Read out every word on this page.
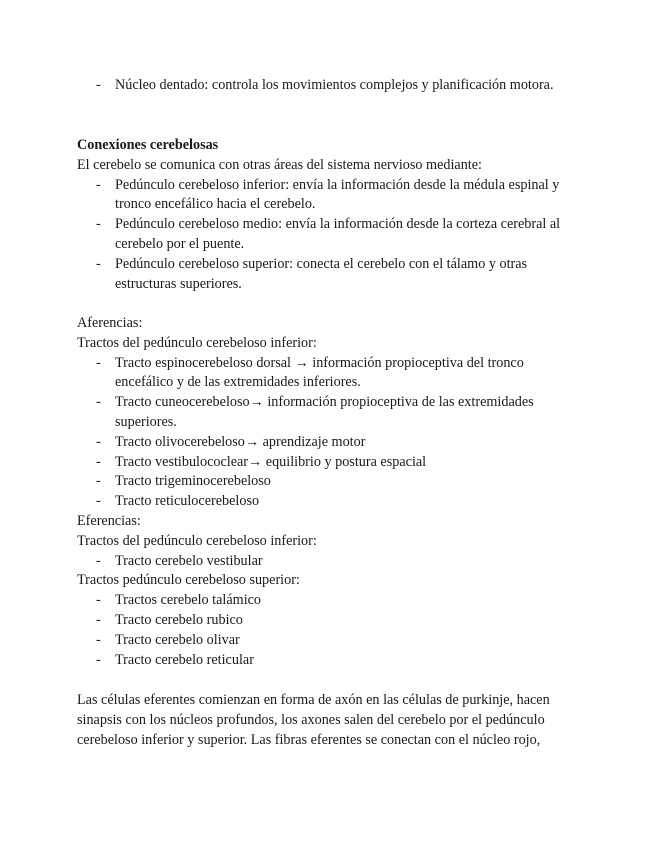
- Núcleo dentado: controla los movimientos complejos y planificación motora.

Conexiones cerebelosas

El cerebelo se comunica con otras áreas del sistema nervioso mediante:

- Pedúnculo cerebeloso inferior: envía la información desde la médula espinal y tronco encefálico hacia el cerebelo.
- Pedúnculo cerebeloso medio: envía la información desde la corteza cerebral al cerebelo por el puente.
- Pedúnculo cerebeloso superior: conecta el cerebelo con el tálamo y otras estructuras superiores.

Aferencias:

Tractos del pedúnculo cerebeloso inferior:

- Tracto espinocerebeloso dorsal → información propioceptiva del tronco encefálico y de las extremidades inferiores.
- Tracto cuneocerebeloso→ información propioceptiva de las extremidades superiores.
- Tracto olivocerebeloso→ aprendizaje motor
- Tracto vestibulococlear→ equilibrio y postura espacial
- Tracto trigeminocerebeloso
- Tracto reticulocerebeloso

Eferencias:

Tractos del pedúnculo cerebeloso inferior:

- Tracto cerebelo vestibular

Tractos pedúnculo cerebeloso superior:

- Tractos cerebelo talámico
- Tracto cerebelo rubico
- Tracto cerebelo olivar
- Tracto cerebelo reticular

Las células eferentes comienzan en forma de axón en las células de purkinje, hacen

sinapsis con los núcleos profundos, los axones salen del cerebelo por el pedúnculo

cerebeloso inferior y superior. Las fibras eferentes se conectan con el núcleo rojo,
